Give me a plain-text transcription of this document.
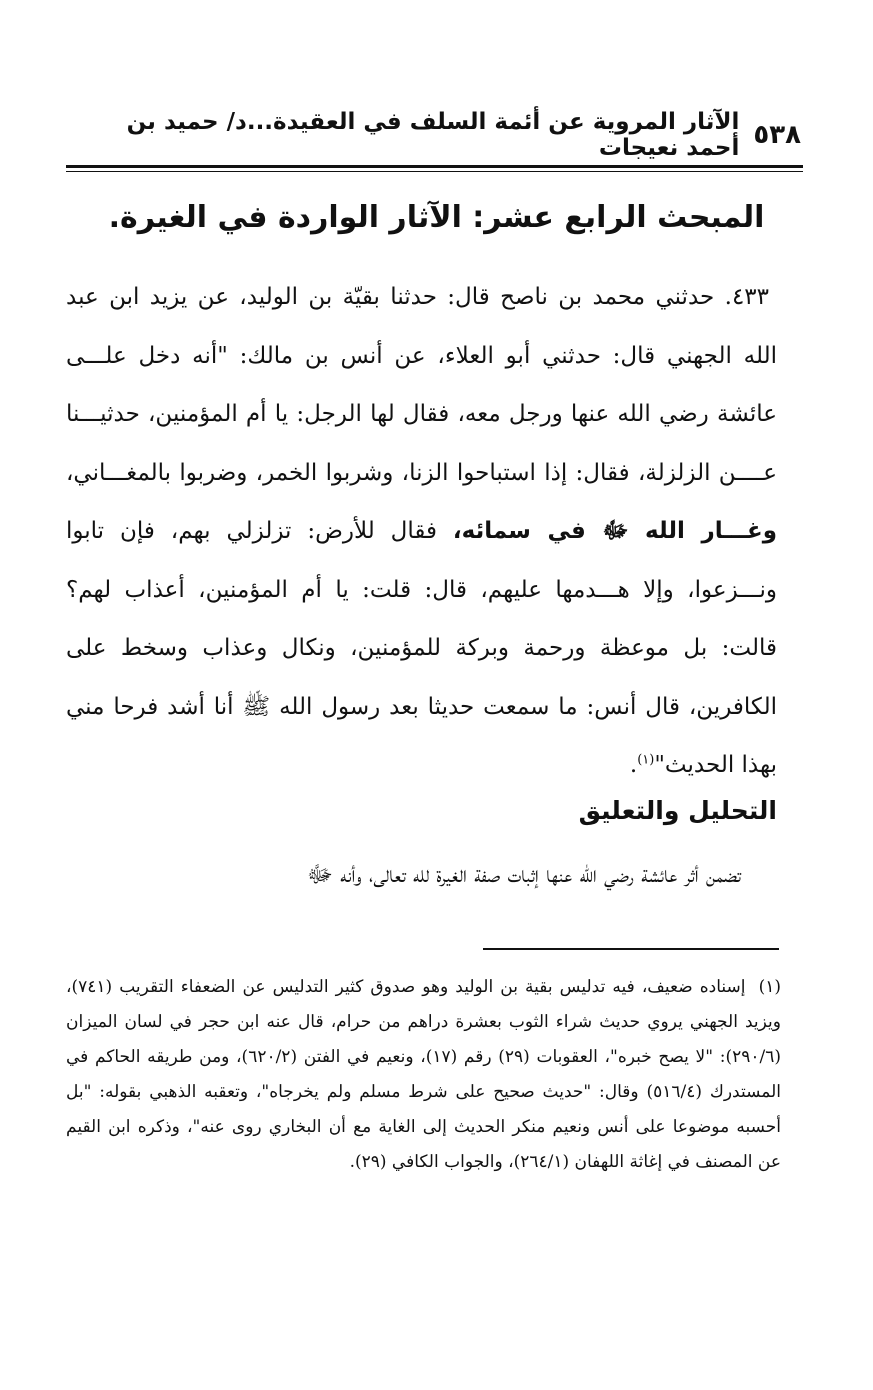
٥٣٨
الآثار المروية عن أئمة السلف في العقيدة...د/ حميد بن أحمد نعيجات
المبحث الرابع عشر: الآثار الواردة في الغيرة.
٤٣٣. حدثني محمد بن ناصح قال: حدثنا بقيّة بن الوليد، عن يزيد ابن عبد الله الجهني قال: حدثني أبو العلاء، عن أنس بن مالك: "أنه دخل علـــى عائشة رضي الله عنها ورجل معه، فقال لها الرجل: يا أم المؤمنين، حدثيـــنا عــــن الزلزلة، فقال: إذا استباحوا الزنا، وشربوا الخمر، وضربوا بالمغـــاني، وغـــار الله ﷻ في سمائه، فقال للأرض: تزلزلي بهم، فإن تابوا ونـــزعوا، وإلا هـــدمها عليهم، قال: قلت: يا أم المؤمنين، أعذاب لهم؟ قالت: بل موعظة ورحمة وبركة للمؤمنين، ونكال وعذاب وسخط على الكافرين، قال أنس: ما سمعت حديثا بعد رسول الله ﷺ أنا أشد فرحا مني بهذا الحديث"$^{(١)}$.
التحليل والتعليق
تضمن أثر عائشة رضي الله عنها إثبات صفة الغيرة لله تعالى، وأنه ﷻ
(١) إسناده ضعيف، فيه تدليس بقية بن الوليد وهو صدوق كثير التدليس عن الضعفاء التقريب (٧٤١)، ويزيد الجهني يروي حديث شراء الثوب بعشرة دراهم من حرام، قال عنه ابن حجر في لسان الميزان (٢٩٠/٦): "لا يصح خبره"، العقوبات (٢٩) رقم (١٧)، ونعيم في الفتن (٦٢٠/٢)، ومن طريقه الحاكم في المستدرك (٥١٦/٤) وقال: "حديث صحيح على شرط مسلم ولم يخرجاه"، وتعقبه الذهبي بقوله: "بل أحسبه موضوعا على أنس ونعيم منكر الحديث إلى الغاية مع أن البخاري روى عنه"، وذكره ابن القيم عن المصنف في إغاثة اللهفان (٢٦٤/١)، والجواب الكافي (٢٩).
